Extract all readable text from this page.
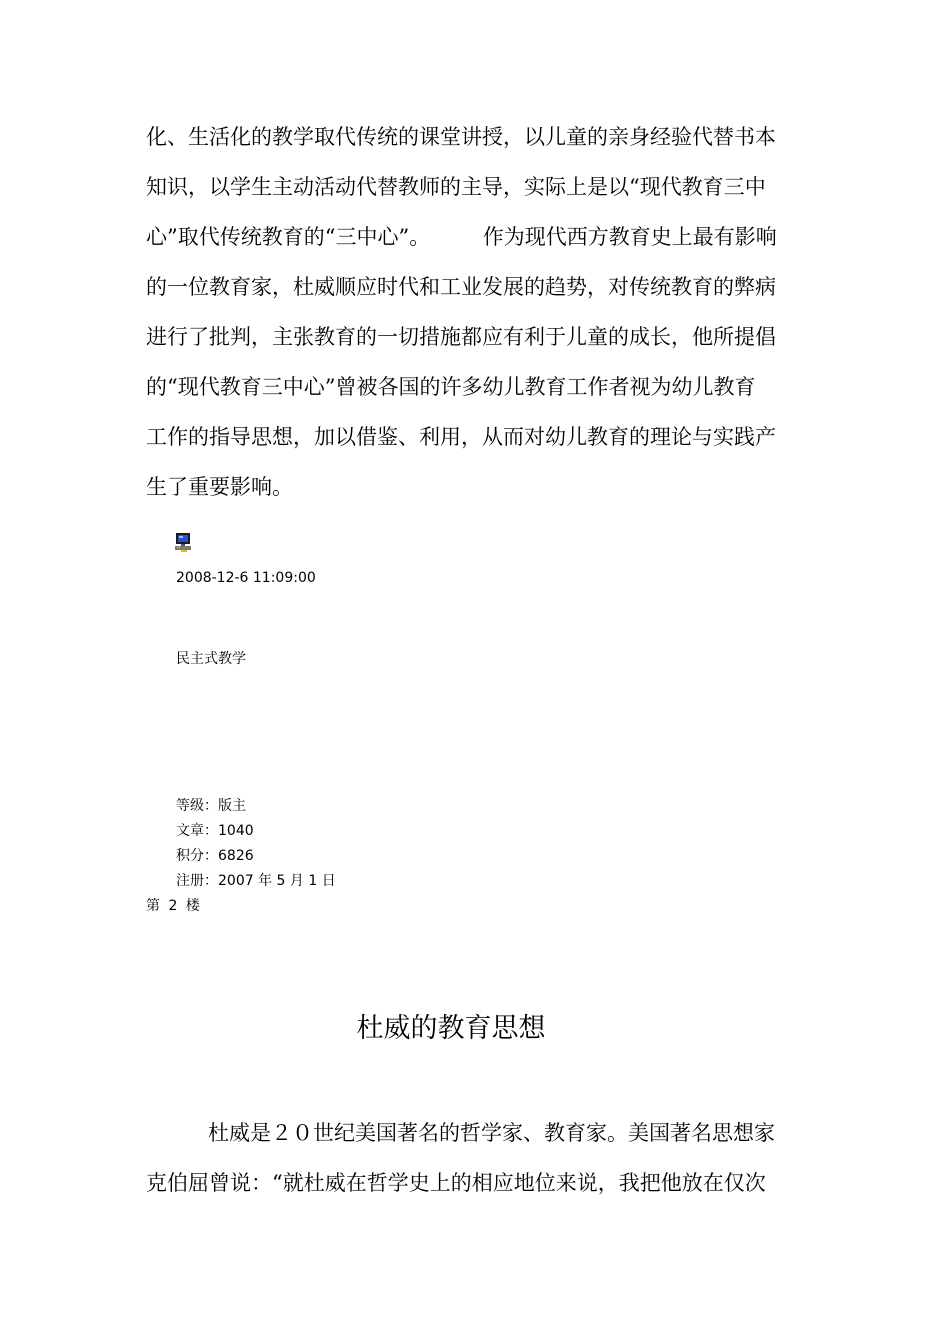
化、生活化的教学取代传统的课堂讲授，以儿童的亲身经验代替书本
知识，以学生主动活动代替教师的主导，实际上是以“现代教育三中
心”取代传统教育的“三中心”。　　　作为现代西方教育史上最有影响
的一位教育家，杜威顺应时代和工业发展的趋势，对传统教育的弊病
进行了批判，主张教育的一切措施都应有利于儿童的成长，他所提倡
的“现代教育三中心”曾被各国的许多幼儿教育工作者视为幼儿教育
工作的指导思想，加以借鉴、利用，从而对幼儿教育的理论与实践产
生了重要影响。
2008-12-6 11:09:00
民主式教学
等级：版主
文章：1040
积分：6826
注册：2007 年 5 月 1 日
第 2 楼
杜威的教育思想
杜威是２０世纪美国著名的哲学家、教育家。美国著名思想家
克伯屈曾说：“就杜威在哲学史上的相应地位来说，我把他放在仅次
